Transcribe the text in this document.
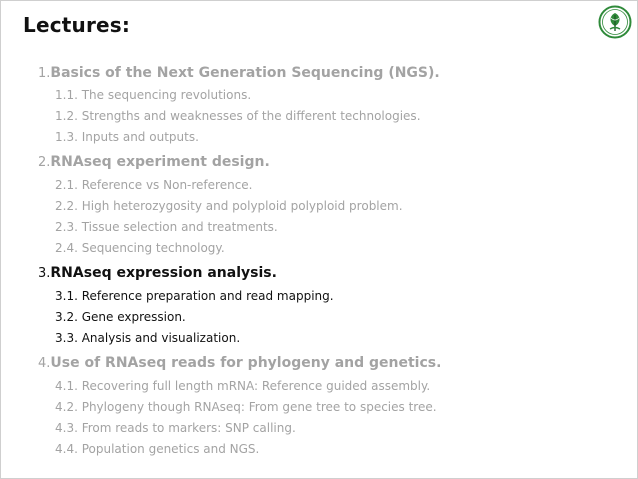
Lectures:
1.Basics of the Next Generation Sequencing (NGS).
1.1. The sequencing revolutions.
1.2. Strengths and weaknesses of the different technologies.
1.3. Inputs and outputs.
2.RNAseq experiment design.
2.1. Reference vs Non-reference.
2.2. High heterozygosity and polyploid polyploid problem.
2.3. Tissue selection and treatments.
2.4. Sequencing technology.
3.RNAseq expression analysis.
3.1. Reference preparation and read mapping.
3.2. Gene expression.
3.3. Analysis and visualization.
4.Use of RNAseq reads for phylogeny and genetics.
4.1. Recovering full length mRNA: Reference guided assembly.
4.2. Phylogeny though RNAseq: From gene tree to species tree.
4.3. From reads to markers: SNP calling.
4.4. Population genetics and NGS.
